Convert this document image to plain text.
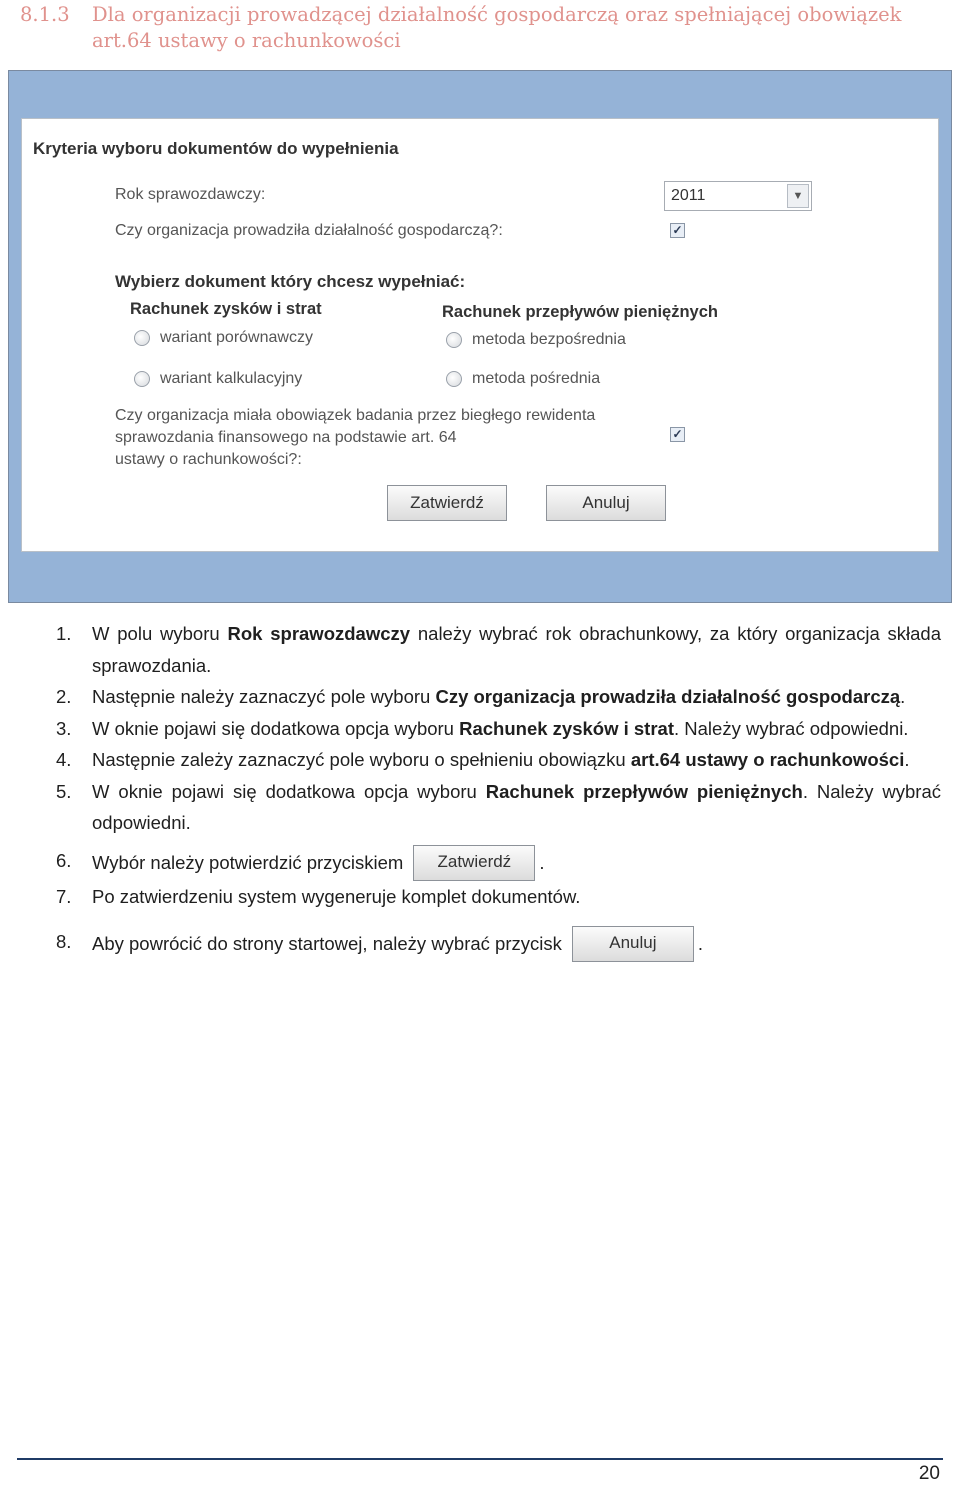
8.1.3 Dla organizacji prowadzącej działalność gospodarczą oraz spełniającej obowiązek
art.64 ustawy o rachunkowości
Kryteria wyboru dokumentów do wypełnienia
Rok sprawozdawczy:	2011	▼
Czy organizacja prowadziła działalność gospodarczą?:	✓
Wybierz dokument który chcesz wypełniać:
Rachunek zysków i strat	Rachunek przepływów pieniężnych
wariant porównawczy	metoda bezpośrednia
wariant kalkulacyjny	metoda pośrednia
Czy organizacja miała obowiązek badania przez biegłego rewidenta
sprawozdania finansowego na podstawie art. 64
ustawy o rachunkowości?:
✓
Zatwierdź	Anuluj
1. W polu wyboru Rok sprawozdawczy należy wybrać rok obrachunkowy, za który organizacja składa sprawozdania.
2. Następnie należy zaznaczyć pole wyboru Czy organizacja prowadziła działalność gospodarczą.
3. W oknie pojawi się dodatkowa opcja wyboru Rachunek zysków i strat. Należy wybrać odpowiedni.
4. Następnie zależy zaznaczyć pole wyboru o spełnieniu obowiązku art.64 ustawy o rachunkowości.
5. W oknie pojawi się dodatkowa opcja wyboru Rachunek przepływów pieniężnych. Należy wybrać odpowiedni.
6. Wybór należy potwierdzić przyciskiem Zatwierdź .
7. Po zatwierdzeniu system wygeneruje komplet dokumentów.
8. Aby powrócić do strony startowej, należy wybrać przycisk	Anuluj .
20
